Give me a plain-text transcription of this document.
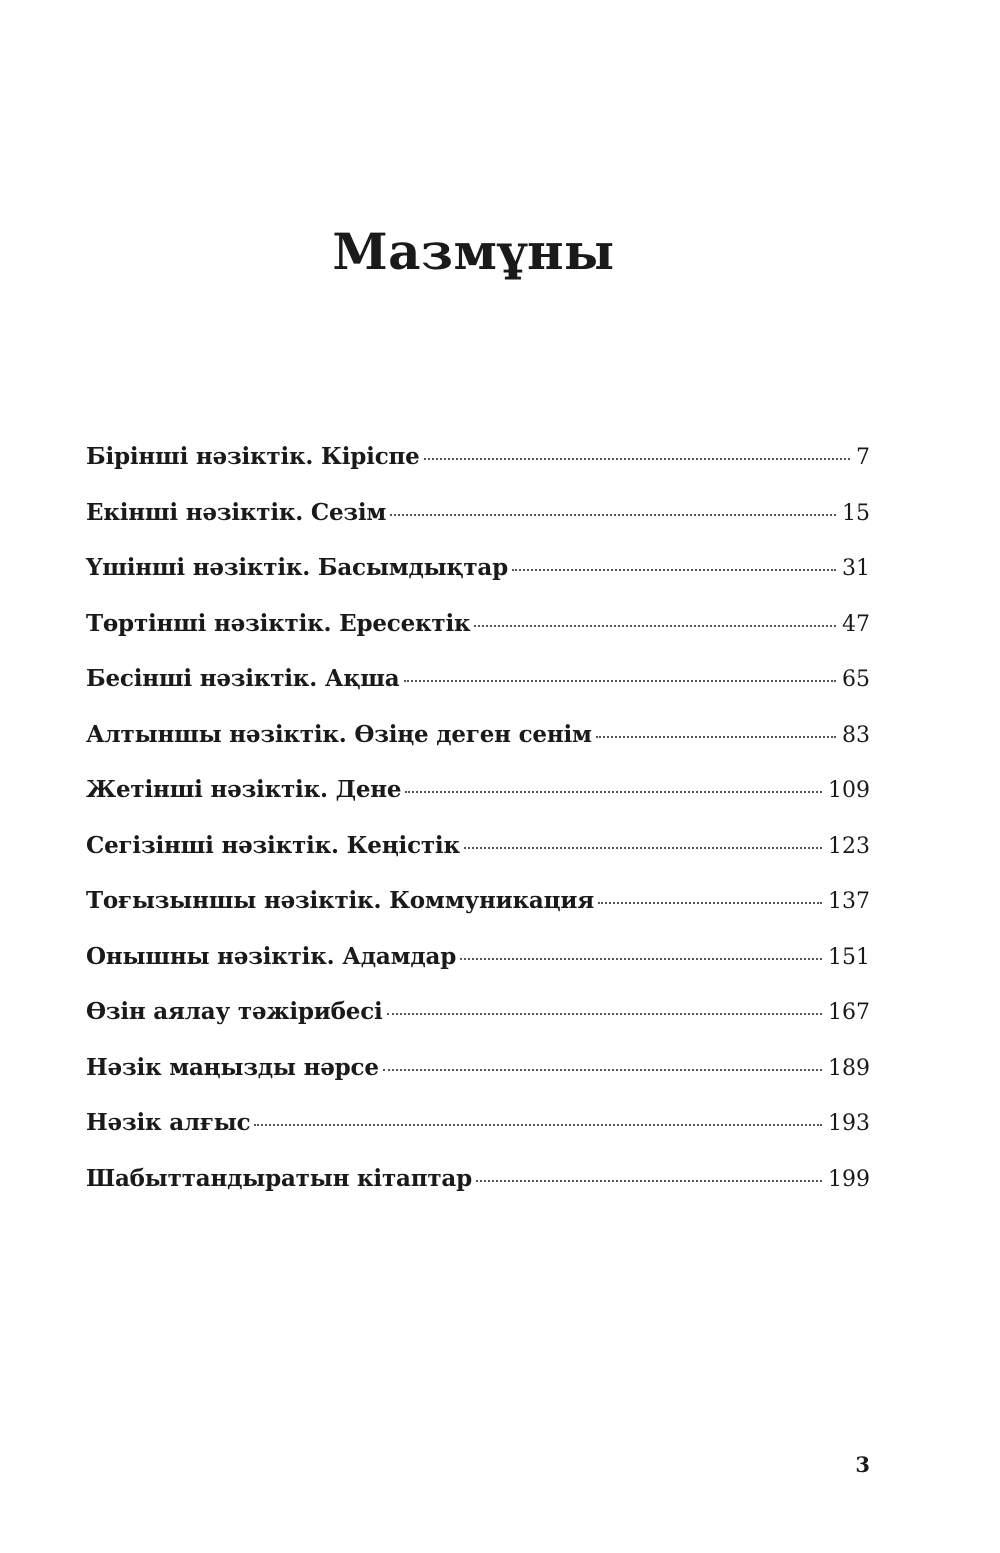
Мазмұны
Бірінші нәзіктік. Кіріспе	7
Екінші нәзіктік. Сезім	15
Үшінші нәзіктік. Басымдықтар	31
Төртінші нәзіктік. Ересектік	47
Бесінші нәзіктік. Ақша	65
Алтыншы нәзіктік. Өзіңе деген сенім	83
Жетінші нәзіктік. Дене	109
Сегізінші нәзіктік. Кеңістік	123
Тоғызыншы нәзіктік. Коммуникация	137
Онышны нәзіктік. Адамдар	151
Өзін аялау тәжірибесі	167
Нәзік маңызды нәрсе	189
Нәзік алғыс	193
Шабыттандыратын кітаптар	199
3
